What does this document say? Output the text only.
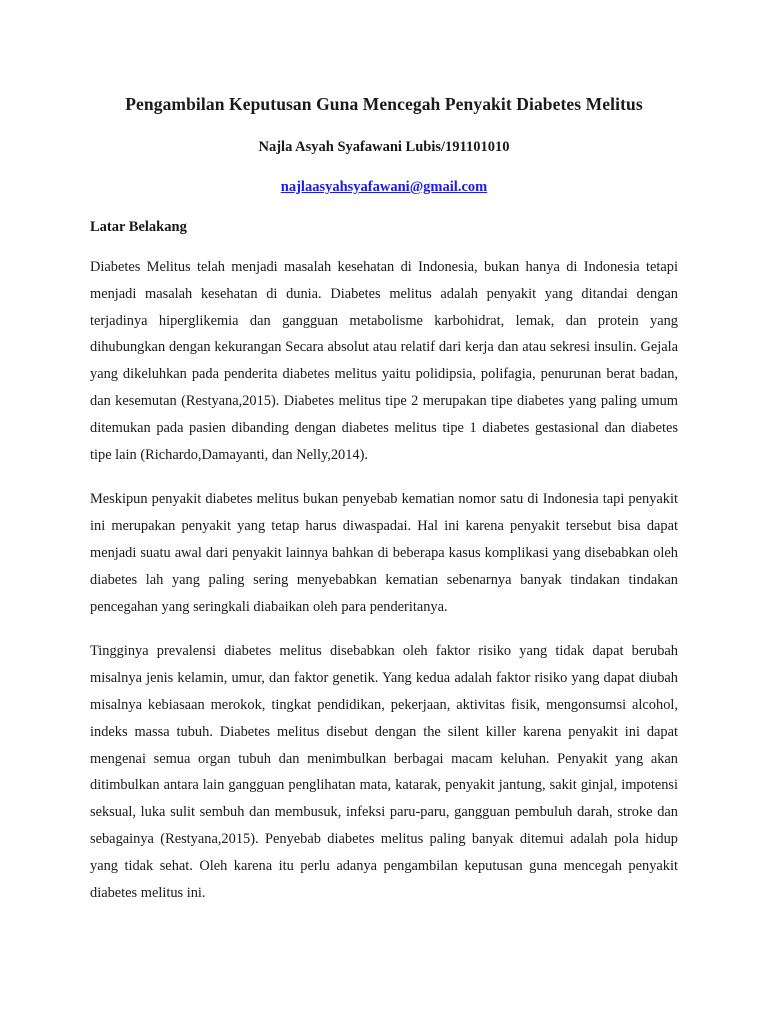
Pengambilan Keputusan Guna Mencegah Penyakit Diabetes Melitus
Najla Asyah Syafawani Lubis/191101010
najlaasyahsyafawani@gmail.com
Latar Belakang

Diabetes Melitus telah menjadi masalah kesehatan di Indonesia, bukan hanya di Indonesia tetapi menjadi masalah kesehatan di dunia. Diabetes melitus adalah penyakit yang ditandai dengan terjadinya hiperglikemia dan gangguan metabolisme karbohidrat, lemak, dan protein yang dihubungkan dengan kekurangan Secara absolut atau relatif dari kerja dan atau sekresi insulin. Gejala yang dikeluhkan pada penderita diabetes melitus yaitu polidipsia, polifagia, penurunan berat badan, dan kesemutan (Restyana,2015). Diabetes melitus tipe 2 merupakan tipe diabetes yang paling umum ditemukan pada pasien dibanding dengan diabetes melitus tipe 1 diabetes gestasional dan diabetes tipe lain (Richardo,Damayanti, dan Nelly,2014).

Meskipun penyakit diabetes melitus bukan penyebab kematian nomor satu di Indonesia tapi penyakit ini merupakan penyakit yang tetap harus diwaspadai. Hal ini karena penyakit tersebut bisa dapat menjadi suatu awal dari penyakit lainnya bahkan di beberapa kasus komplikasi yang disebabkan oleh diabetes lah yang paling sering menyebabkan kematian sebenarnya banyak tindakan tindakan pencegahan yang seringkali diabaikan oleh para penderitanya.

Tingginya prevalensi diabetes melitus disebabkan oleh faktor risiko yang tidak dapat berubah misalnya jenis kelamin, umur, dan faktor genetik. Yang kedua adalah faktor risiko yang dapat diubah misalnya kebiasaan merokok, tingkat pendidikan, pekerjaan, aktivitas fisik, mengonsumsi alcohol, indeks massa tubuh. Diabetes melitus disebut dengan the silent killer karena penyakit ini dapat mengenai semua organ tubuh dan menimbulkan berbagai macam keluhan. Penyakit yang akan ditimbulkan antara lain gangguan penglihatan mata, katarak, penyakit jantung, sakit ginjal, impotensi seksual, luka sulit sembuh dan membusuk, infeksi paru-paru, gangguan pembuluh darah, stroke dan sebagainya (Restyana,2015). Penyebab diabetes melitus paling banyak ditemui adalah pola hidup yang tidak sehat. Oleh karena itu perlu adanya pengambilan keputusan guna mencegah penyakit diabetes melitus ini.
